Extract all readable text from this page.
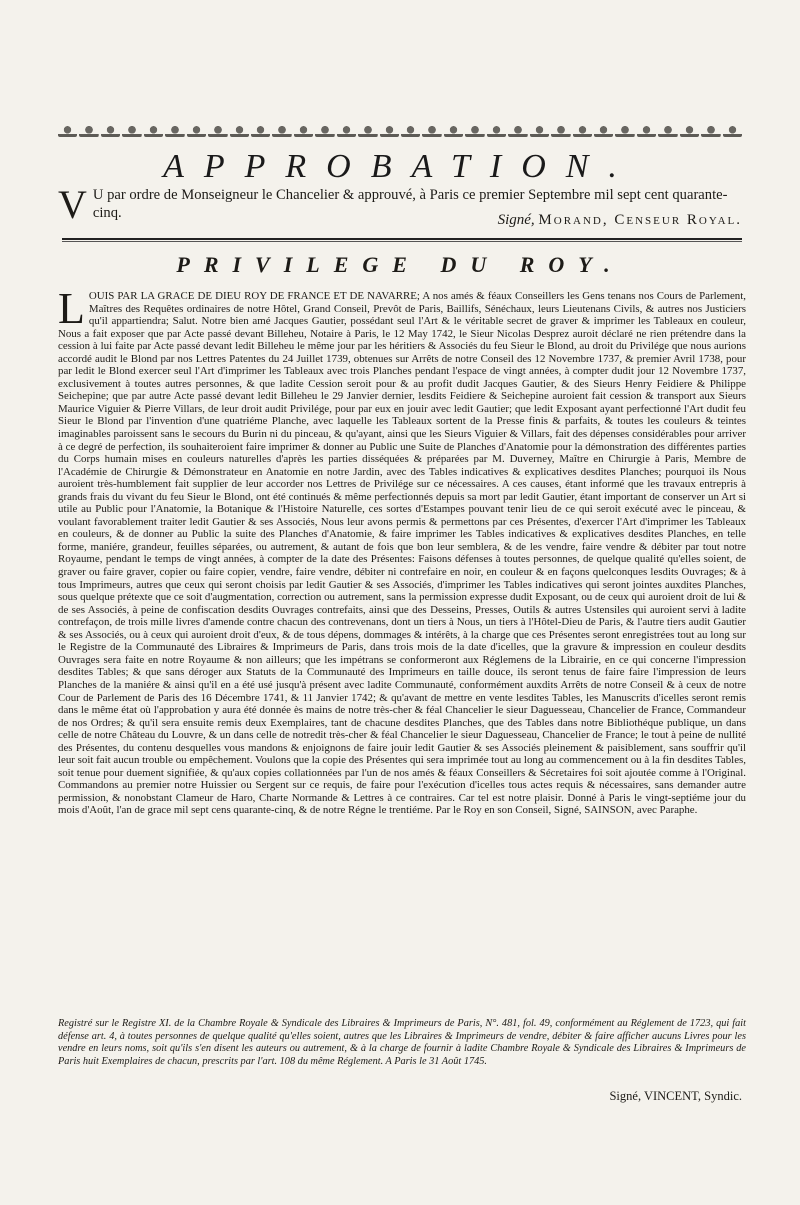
APPROBATION.
V U par ordre de Monseigneur le Chancelier & approuvé, à Paris ce premier Septembre mil sept cent quarante-cinq.	Signé, Morand, Censeur Royal.
PRIVILEGE DU ROY.
L OUIS PAR LA GRACE DE DIEU ROY DE FRANCE ET DE NAVARRE; A nos amés & féaux Conseillers les Gens tenans nos Cours de Parlement, Maîtres des Requêtes ordinaires de notre Hôtel, Grand Conseil, Prevôt de Paris, Baillifs, Sénéchaux, leurs Lieutenans Civils, & autres nos Justiciers qu'il appartiendra; Salut. Notre bien amé Jacques Gautier, possédant seul l'Art & le véritable secret de graver & imprimer les Tableaux en couleur, Nous a fait exposer que par Acte passé devant Billeheu, Notaire à Paris, le 12 May 1742, le Sieur Nicolas Desprez auroit déclaré ne rien prétendre dans la cession à lui faite par Acte passé devant ledit Billeheu le même jour par les héritiers & Associés du feu Sieur le Blond, au droit du Privilége que nous aurions accordé audit le Blond par nos Lettres Patentes du 24 Juillet 1739, obtenues sur Arrêts de notre Conseil des 12 Novembre 1737, & premier Avril 1738, pour par ledit le Blond exercer seul l'Art d'imprimer les Tableaux avec trois Planches pendant l'espace de vingt années, à compter dudit jour 12 Novembre 1737, exclusivement à toutes autres personnes, & que ladite Cession seroit pour & au profit dudit Jacques Gautier, & des Sieurs Henry Feidiere & Philippe Seichepine; que par autre Acte passé devant ledit Billeheu le 29 Janvier dernier, lesdits Feidiere & Seichepine auroient fait cession & transport aux Sieurs Maurice Viguier & Pierre Villars, de leur droit audit Privilége, pour par eux en jouir avec ledit Gautier; que ledit Exposant ayant perfectionné l'Art dudit feu Sieur le Blond par l'invention d'une quatriéme Planche, avec laquelle les Tableaux sortent de la Presse finis & parfaits, & toutes les couleurs & teintes imaginables paroissent sans le secours du Burin ni du pinceau, & qu'ayant, ainsi que les Sieurs Viguier & Villars, fait des dépenses considérables pour arriver à ce degré de perfection, ils souhaiteroient faire imprimer & donner au Public une Suite de Planches d'Anatomie pour la démonstration des différentes parties du Corps humain mises en couleurs naturelles d'après les parties disséquées & préparées par M. Duverney, Maître en Chirurgie à Paris, Membre de l'Académie de Chirurgie & Démonstrateur en Anatomie en notre Jardin, avec des Tables indicatives & explicatives desdites Planches; pourquoi ils Nous auroient très-humblement fait supplier de leur accorder nos Lettres de Privilége sur ce nécessaires. A ces causes, étant informé que les travaux entrepris à grands frais du vivant du feu Sieur le Blond, ont été continués & même perfectionnés depuis sa mort par ledit Gautier, étant important de conserver un Art si utile au Public pour l'Anatomie, la Botanique & l'Histoire Naturelle, ces sortes d'Estampes pouvant tenir lieu de ce qui seroit exécuté avec le pinceau, & voulant favorablement traiter ledit Gautier & ses Associés, Nous leur avons permis & permettons par ces Présentes, d'exercer l'Art d'imprimer les Tableaux en couleurs, & de donner au Public la suite des Planches d'Anatomie, & faire imprimer les Tables indicatives & explicatives desdites Planches, en telle forme, maniére, grandeur, feuilles séparées, ou autrement, & autant de fois que bon leur semblera, & de les vendre, faire vendre & débiter par tout notre Royaume, pendant le temps de vingt années, à compter de la date des Présentes: Faisons défenses à toutes personnes, de quelque qualité qu'elles soient, de graver ou faire graver, copier ou faire copier, vendre, faire vendre, débiter ni contrefaire en noir, en couleur & en façons quelconques lesdits Ouvrages; & à tous Imprimeurs, autres que ceux qui seront choisis par ledit Gautier & ses Associés, d'imprimer les Tables indicatives qui seront jointes auxdites Planches, sous quelque prétexte que ce soit d'augmentation, correction ou autrement, sans la permission expresse dudit Exposant, ou de ceux qui auroient droit de lui & de ses Associés, à peine de confiscation desdits Ouvrages contrefaits, ainsi que des Desseins, Presses, Outils & autres Ustensiles qui auroient servi à ladite contrefaçon, de trois mille livres d'amende contre chacun des contrevenans, dont un tiers à Nous, un tiers à l'Hôtel-Dieu de Paris, & l'autre tiers audit Gautier & ses Associés, ou à ceux qui auroient droit d'eux, & de tous dépens, dommages & intérêts, à la charge que ces Présentes seront enregistrées tout au long sur le Registre de la Communauté des Libraires & Imprimeurs de Paris, dans trois mois de la date d'icelles, que la gravure & impression en couleur desdits Ouvrages sera faite en notre Royaume & non ailleurs; que les impétrans se conformeront aux Réglemens de la Librairie, en ce qui concerne l'impression desdites Tables; & que sans déroger aux Statuts de la Communauté des Imprimeurs en taille douce, ils seront tenus de faire faire l'impression de leurs Planches de la maniére & ainsi qu'il en a été usé jusqu'à présent avec ladite Communauté, conformément auxdits Arrêts de notre Conseil & à ceux de notre Cour de Parlement de Paris des 16 Décembre 1741, & 11 Janvier 1742; & qu'avant de mettre en vente lesdites Tables, les Manuscrits d'icelles seront remis dans le même état où l'approbation y aura été donnée ès mains de notre très-cher & féal Chancelier le sieur Daguesseau, Chancelier de France, Commandeur de nos Ordres; & qu'il sera ensuite remis deux Exemplaires, tant de chacune desdites Planches, que des Tables dans notre Bibliothéque publique, un dans celle de notre Château du Louvre, & un dans celle de notredit très-cher & féal Chancelier le sieur Daguesseau, Chancelier de France; le tout à peine de nullité des Présentes, du contenu desquelles vous mandons & enjoignons de faire jouir ledit Gautier & ses Associés pleinement & paisiblement, sans souffrir qu'il leur soit fait aucun trouble ou empêchement. Voulons que la copie des Présentes qui sera imprimée tout au long au commencement ou à la fin desdites Tables, soit tenue pour duement signifiée, & qu'aux copies collationnées par l'un de nos amés & féaux Conseillers & Sécretaires foi soit ajoutée comme à l'Original. Commandons au premier notre Huissier ou Sergent sur ce requis, de faire pour l'exécution d'icelles tous actes requis & nécessaires, sans demander autre permission, & nonobstant Clameur de Haro, Charte Normande & Lettres à ce contraires. Car tel est notre plaisir. Donné à Paris le vingt-septiéme jour du mois d'Août, l'an de grace mil sept cens quarante-cinq, & de notre Régne le trentiéme. Par le Roy en son Conseil, Signé, SAINSON, avec Paraphe.
Registré sur le Registre XI. de la Chambre Royale & Syndicale des Libraires & Imprimeurs de Paris, N°. 481, fol. 49, conformément au Réglement de 1723, qui fait défense art. 4, à toutes personnes de quelque qualité qu'elles soient, autres que les Libraires & Imprimeurs de vendre, débiter & faire afficher aucuns Livres pour les vendre en leurs noms, soit qu'ils s'en disent les auteurs ou autrement, & à la charge de fournir à ladite Chambre Royale & Syndicale des Libraires & Imprimeurs de Paris huit Exemplaires de chacun, prescrits par l'art. 108 du même Réglement. A Paris le 31 Août 1745.
Signé, VINCENT, Syndic.
